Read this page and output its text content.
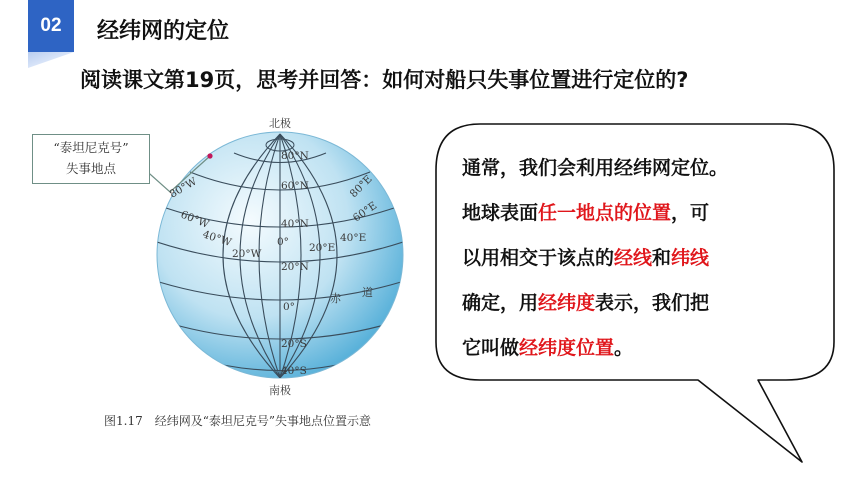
02 经纬网的定位
阅读课文第19页，思考并回答：如何对船只失事位置进行定位的?
北极
南极
80°N
60°N
40°N
20°N
0°
20°S
40°S
80°W
60°W
40°W
20°W
0° 20°E
40°E
60°E
80°E
赤 道
“泰坦尼克号”
失事地点
图1.17　经纬网及“泰坦尼克号”失事地点位置示意
通常，我们会利用经纬网定位。
地球表面任一地点的位置，可
以用相交于该点的经线和纬线
确定，用经纬度表示，我们把
它叫做经纬度位置。
